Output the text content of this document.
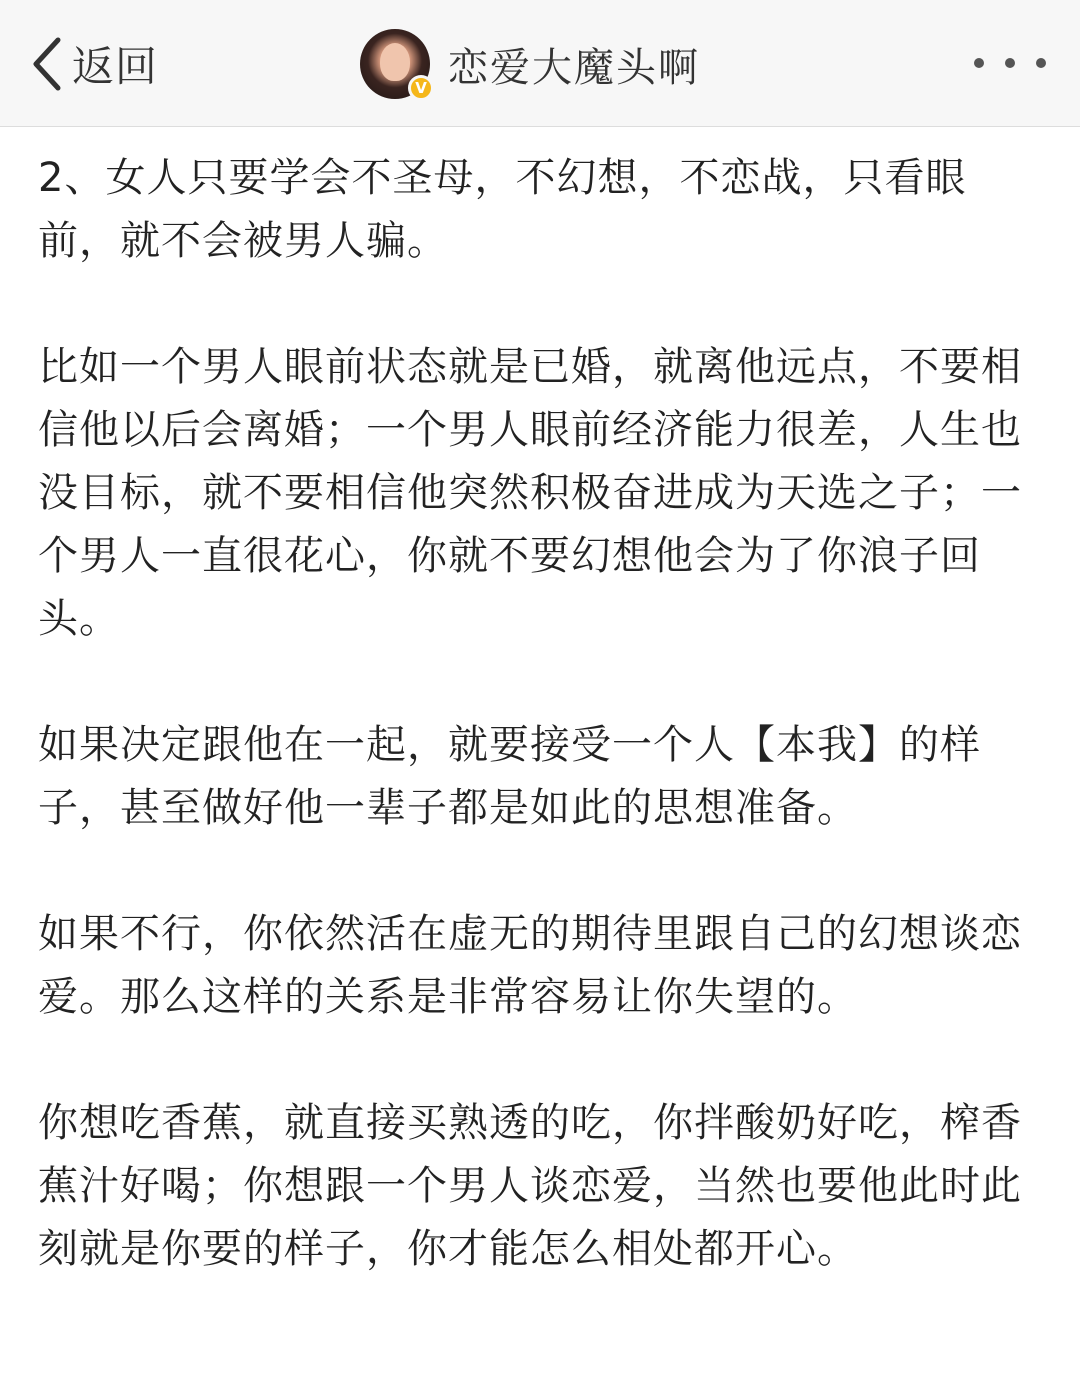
返回	V 恋爱大魔头啊

2、女人只要学会不圣母，不幻想，不恋战，只看眼前，就不会被男人骗。

比如一个男人眼前状态就是已婚，就离他远点，不要相信他以后会离婚；一个男人眼前经济能力很差，人生也没目标，就不要相信他突然积极奋进成为天选之子；一个男人一直很花心，你就不要幻想他会为了你浪子回头。

如果决定跟他在一起，就要接受一个人【本我】的样子，甚至做好他一辈子都是如此的思想准备。

如果不行，你依然活在虚无的期待里跟自己的幻想谈恋爱。那么这样的关系是非常容易让你失望的。

你想吃香蕉，就直接买熟透的吃，你拌酸奶好吃，榨香蕉汁好喝；你想跟一个男人谈恋爱，当然也要他此时此刻就是你要的样子，你才能怎么相处都开心。
